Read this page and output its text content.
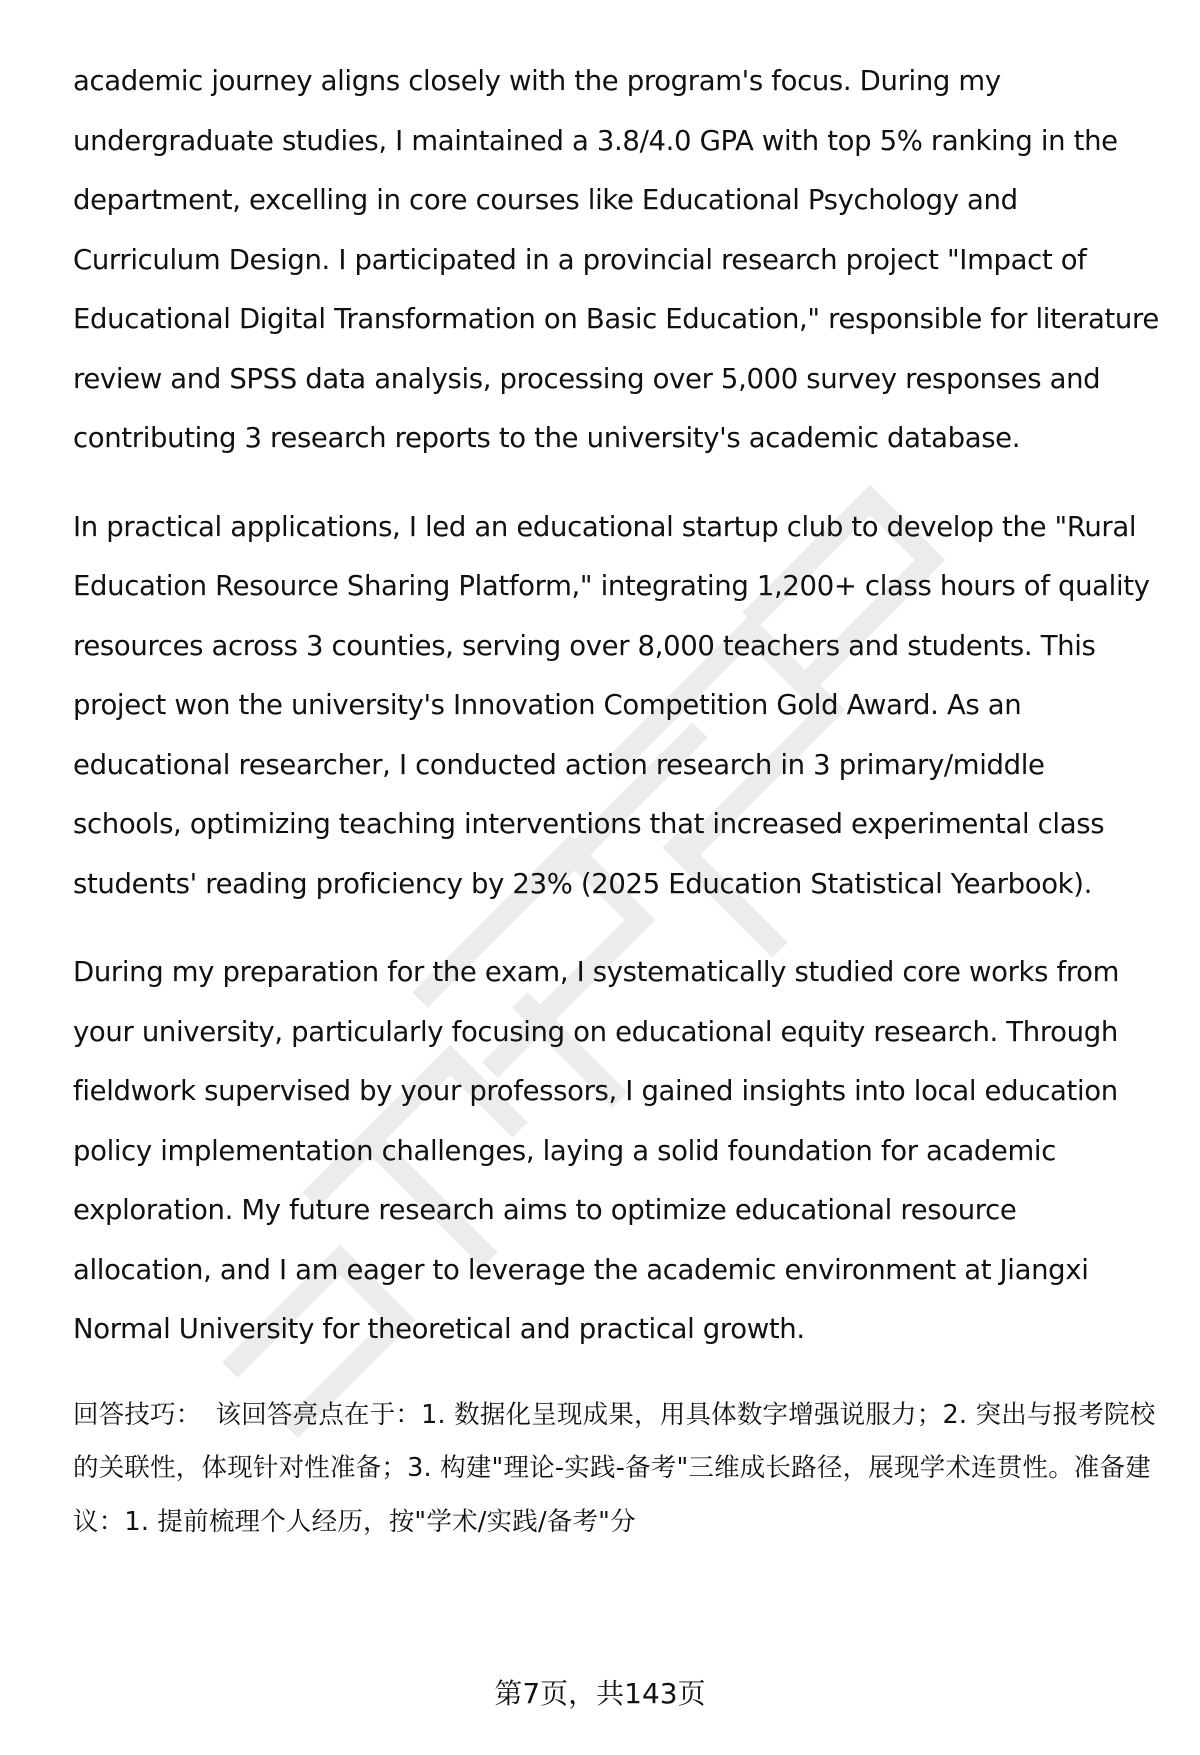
academic journey aligns closely with the program's focus. During my undergraduate studies, I maintained a 3.8/4.0 GPA with top 5% ranking in the department, excelling in core courses like Educational Psychology and Curriculum Design. I participated in a provincial research project "Impact of Educational Digital Transformation on Basic Education," responsible for literature review and SPSS data analysis, processing over 5,000 survey responses and contributing 3 research reports to the university's academic database.

In practical applications, I led an educational startup club to develop the "Rural Education Resource Sharing Platform," integrating 1,200+ class hours of quality resources across 3 counties, serving over 8,000 teachers and students. This project won the university's Innovation Competition Gold Award. As an educational researcher, I conducted action research in 3 primary/middle schools, optimizing teaching interventions that increased experimental class students' reading proficiency by 23% (2025 Education Statistical Yearbook).

During my preparation for the exam, I systematically studied core works from your university, particularly focusing on educational equity research. Through fieldwork supervised by your professors, I gained insights into local education policy implementation challenges, laying a solid foundation for academic exploration. My future research aims to optimize educational resource allocation, and I am eager to leverage the academic environment at Jiangxi Normal University for theoretical and practical growth.

回答技巧： 该回答亮点在于：1. 数据化呈现成果，用具体数字增强说服力；2. 突出与报考院校的关联性，体现针对性准备；3. 构建"理论-实践-备考"三维成长路径，展现学术连贯性。准备建议：1. 提前梳理个人经历，按"学术/实践/备考"分

第7页，共143页
